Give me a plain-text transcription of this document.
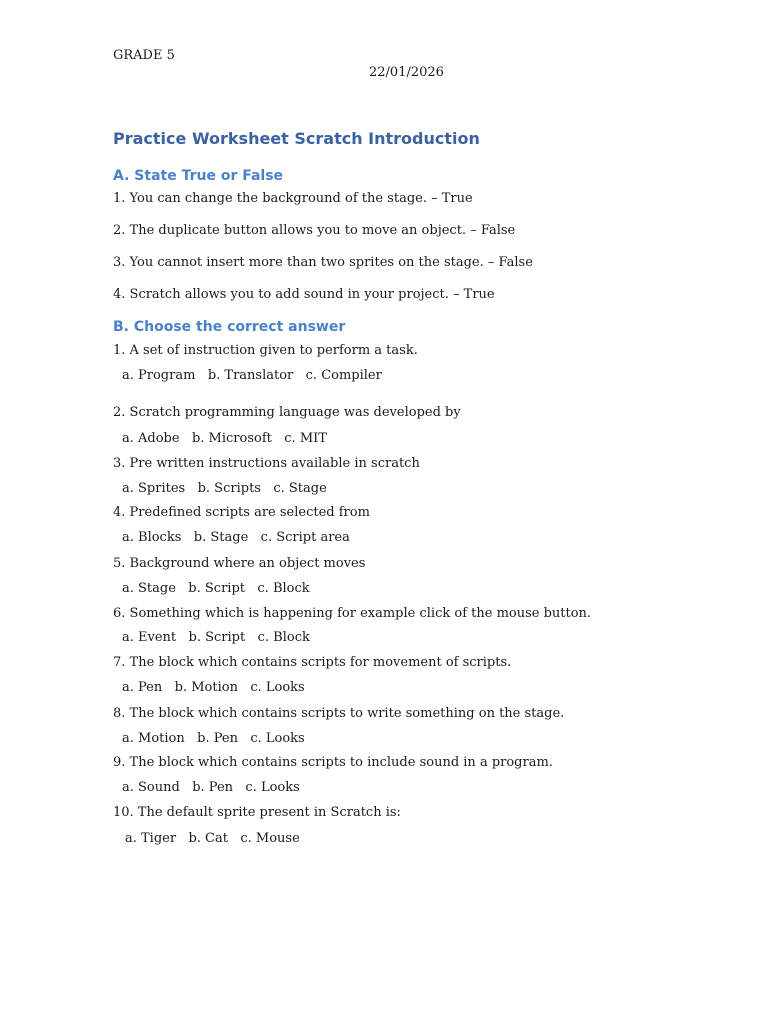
GRADE 5
22/01/2026
Practice Worksheet Scratch Introduction
A. State True or False
1. You can change the background of the stage. – True
2. The duplicate button allows you to move an object. – False
3. You cannot insert more than two sprites on the stage. – False
4. Scratch allows you to add sound in your project. – True
B. Choose the correct answer
1. A set of instruction given to perform a task.
a. Program   b. Translator   c. Compiler
2. Scratch programming language was developed by
a. Adobe   b. Microsoft   c. MIT
3. Pre written instructions available in scratch
a. Sprites   b. Scripts   c. Stage
4. Predefined scripts are selected from
a. Blocks   b. Stage   c. Script area
5. Background where an object moves
a. Stage   b. Script   c. Block
6. Something which is happening for example click of the mouse button.
a. Event   b. Script   c. Block
7. The block which contains scripts for movement of scripts.
a. Pen   b. Motion   c. Looks
8. The block which contains scripts to write something on the stage.
a. Motion   b. Pen   c. Looks
9. The block which contains scripts to include sound in a program.
a. Sound   b. Pen   c. Looks
10. The default sprite present in Scratch is:
a. Tiger   b. Cat   c. Mouse
